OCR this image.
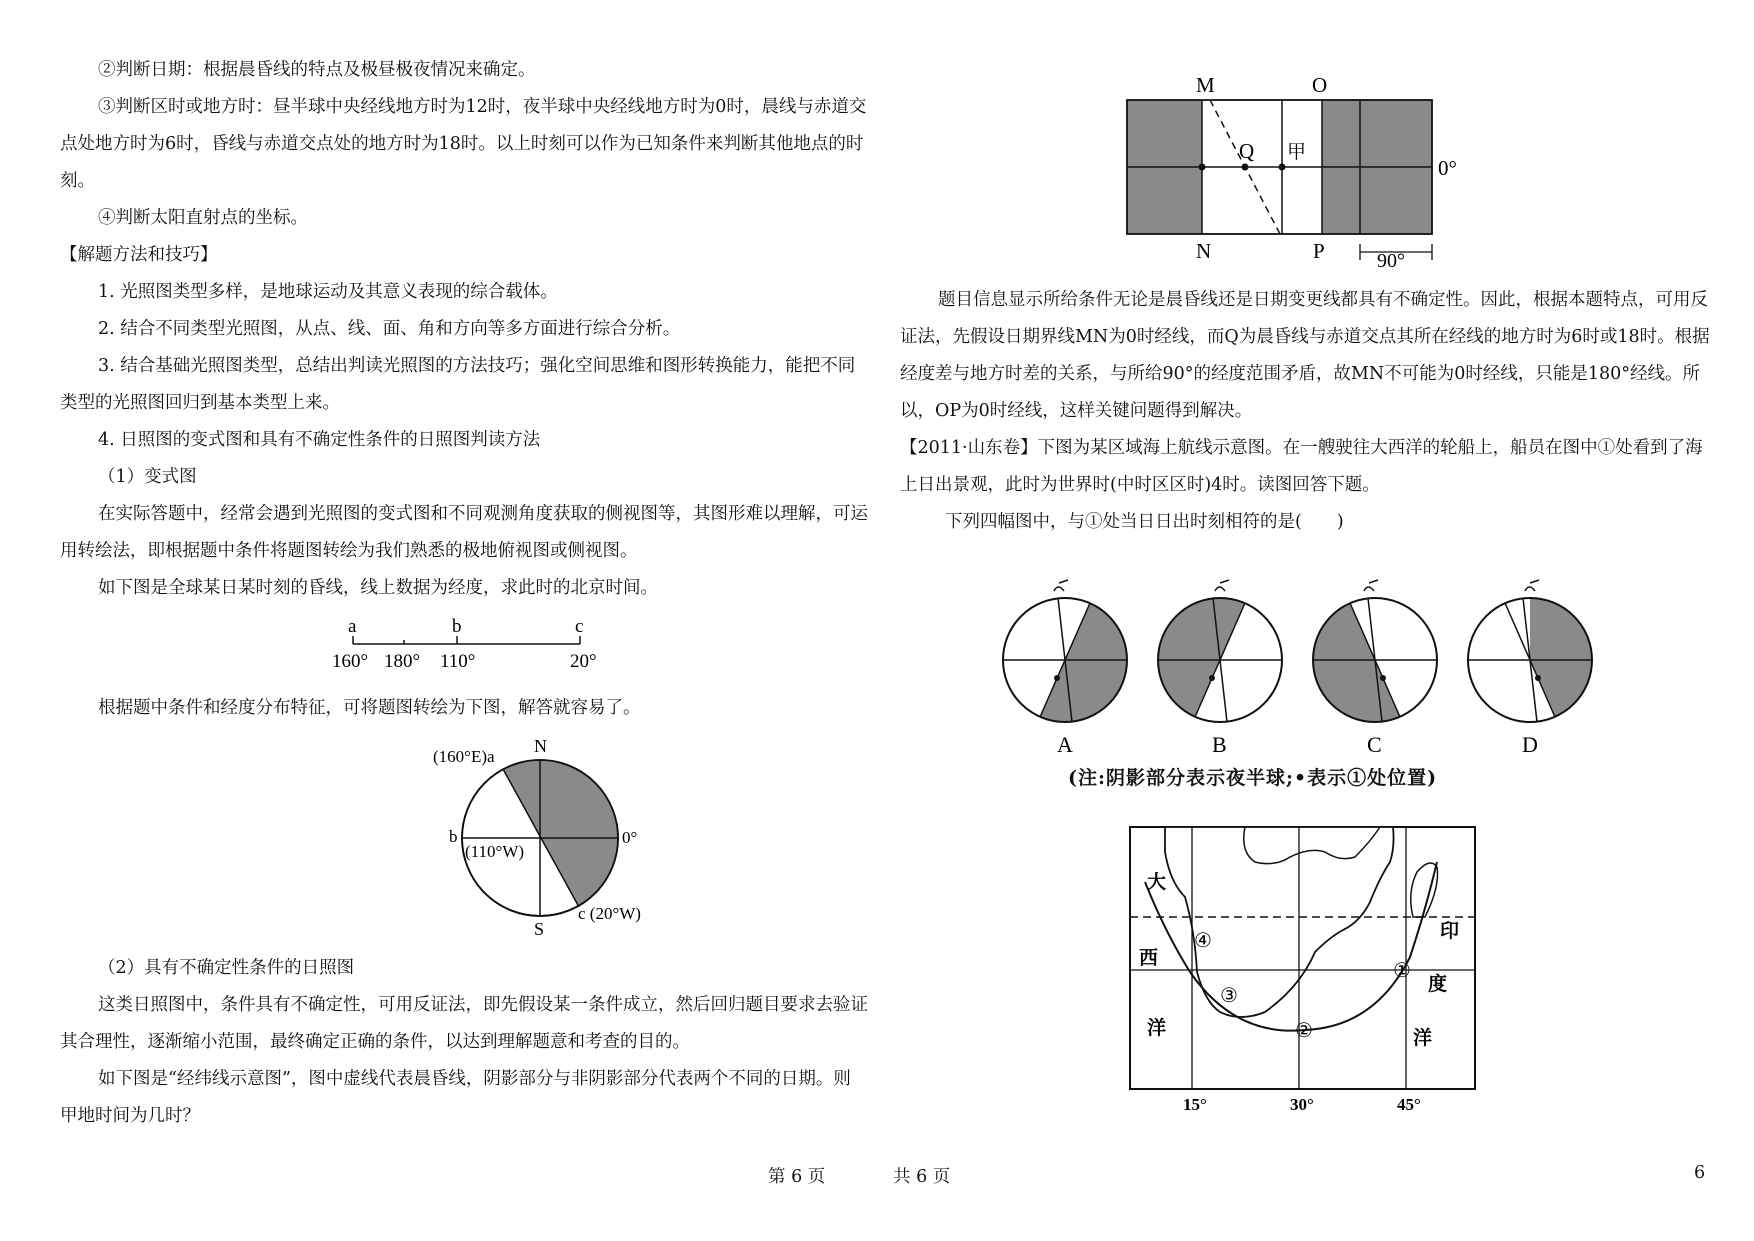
②判断日期：根据晨昏线的特点及极昼极夜情况来确定。

③判断区时或地方时：昼半球中央经线地方时为12时，夜半球中央经线地方时为0时，晨线与赤道交点处地方时为6时，昏线与赤道交点处的地方时为18时。以上时刻可以作为已知条件来判断其他地点的时刻。

④判断太阳直射点的坐标。

【解题方法和技巧】

1. 光照图类型多样，是地球运动及其意义表现的综合载体。

2. 结合不同类型光照图，从点、线、面、角和方向等多方面进行综合分析。

3. 结合基础光照图类型，总结出判读光照图的方法技巧；强化空间思维和图形转换能力，能把不同类型的光照图回归到基本类型上来。

4. 日照图的变式图和具有不确定性条件的日照图判读方法

（1）变式图

在实际答题中，经常会遇到光照图的变式图和不同观测角度获取的侧视图等，其图形难以理解，可运用转绘法，即根据题中条件将题图转绘为我们熟悉的极地俯视图或侧视图。

如下图是全球某日某时刻的昏线，线上数据为经度，求此时的北京时间。

a	b	c
160° 180° 110°	20°

根据题中条件和经度分布特征，可将题图转绘为下图，解答就容易了。

N
S
(160°E)a
b
(110°W)
0°
c (20°W)

（2）具有不确定性条件的日照图

这类日照图中，条件具有不确定性，可用反证法，即先假设某一条件成立，然后回归题目要求去验证其合理性，逐渐缩小范围，最终确定正确的条件，以达到理解题意和考查的目的。

如下图是“经纬线示意图”，图中虚线代表晨昏线，阴影部分与非阴影部分代表两个不同的日期。则甲地时间为几时？

M	O
Q 甲
0°
N	P	90°

题目信息显示所给条件无论是晨昏线还是日期变更线都具有不确定性。因此，根据本题特点，可用反证法，先假设日期界线MN为0时经线，而Q为晨昏线与赤道交点其所在经线的地方时为6时或18时。根据经度差与地方时差的关系，与所给90°的经度范围矛盾，故MN不可能为0时经线，只能是180°经线。所以，OP为0时经线，这样关键问题得到解决。

【2011·山东卷】下图为某区域海上航线示意图。在一艘驶往大西洋的轮船上，船员在图中①处看到了海上日出景观，此时为世界时(中时区区时)4时。读图回答下题。

下列四幅图中，与①处当日日出时刻相符的是(　　)

A	B	C	D
(注:阴影部分表示夜半球;•表示①处位置)
大
西
洋
印
度
洋
①
②
③
④
15°	30°	45°
第 6 页	共 6 页	6
